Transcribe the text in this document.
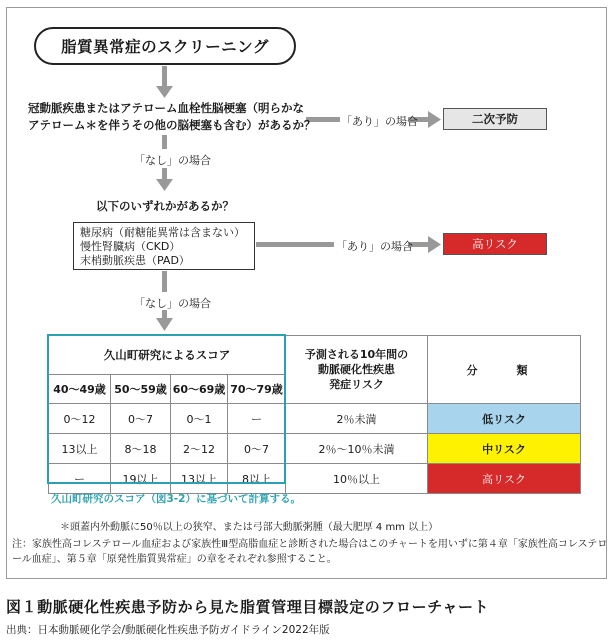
脂質異常症のスクリーニング
冠動脈疾患またはアテローム血栓性脳梗塞（明らかな
アテローム＊を伴うその他の脳梗塞も含む）があるか？ 「あり」の場合	二次予防
「なし」の場合
以下のいずれかがあるか？
糖尿病（耐糖能異常は含まない）
慢性腎臓病（CKD）
末梢動脈疾患（PAD）
「あり」の場合	高リスク
「なし」の場合
久山町研究によるスコア				予測される10年間の
動脈硬化性疾患
発症リスク	分　類
40～49歳	50～59歳	60～69歳	70～79歳		
0～12	0～7	0～1	ー	2％未満	低リスク
13以上	8～18	2～12	0～7	2％～10％未満	中リスク
ー	19以上	13以上	8以上	10％以上	高リスク
久山町研究のスコア（図3-2）に基づいて計算する。
＊頭蓋内外動脈に50％以上の狭窄、または弓部大動脈粥腫（最大肥厚 4 mm 以上）
注：家族性高コレステロール血症および家族性Ⅲ型高脂血症と診断された場合はこのチャートを用いずに第４章「家族性高コレステロ
ール血症」、第５章「原発性脂質異常症」の章をそれぞれ参照すること。
図１動脈硬化性疾患予防から見た脂質管理目標設定のフローチャート
出典：日本動脈硬化学会/動脈硬化性疾患予防ガイドライン2022年版
